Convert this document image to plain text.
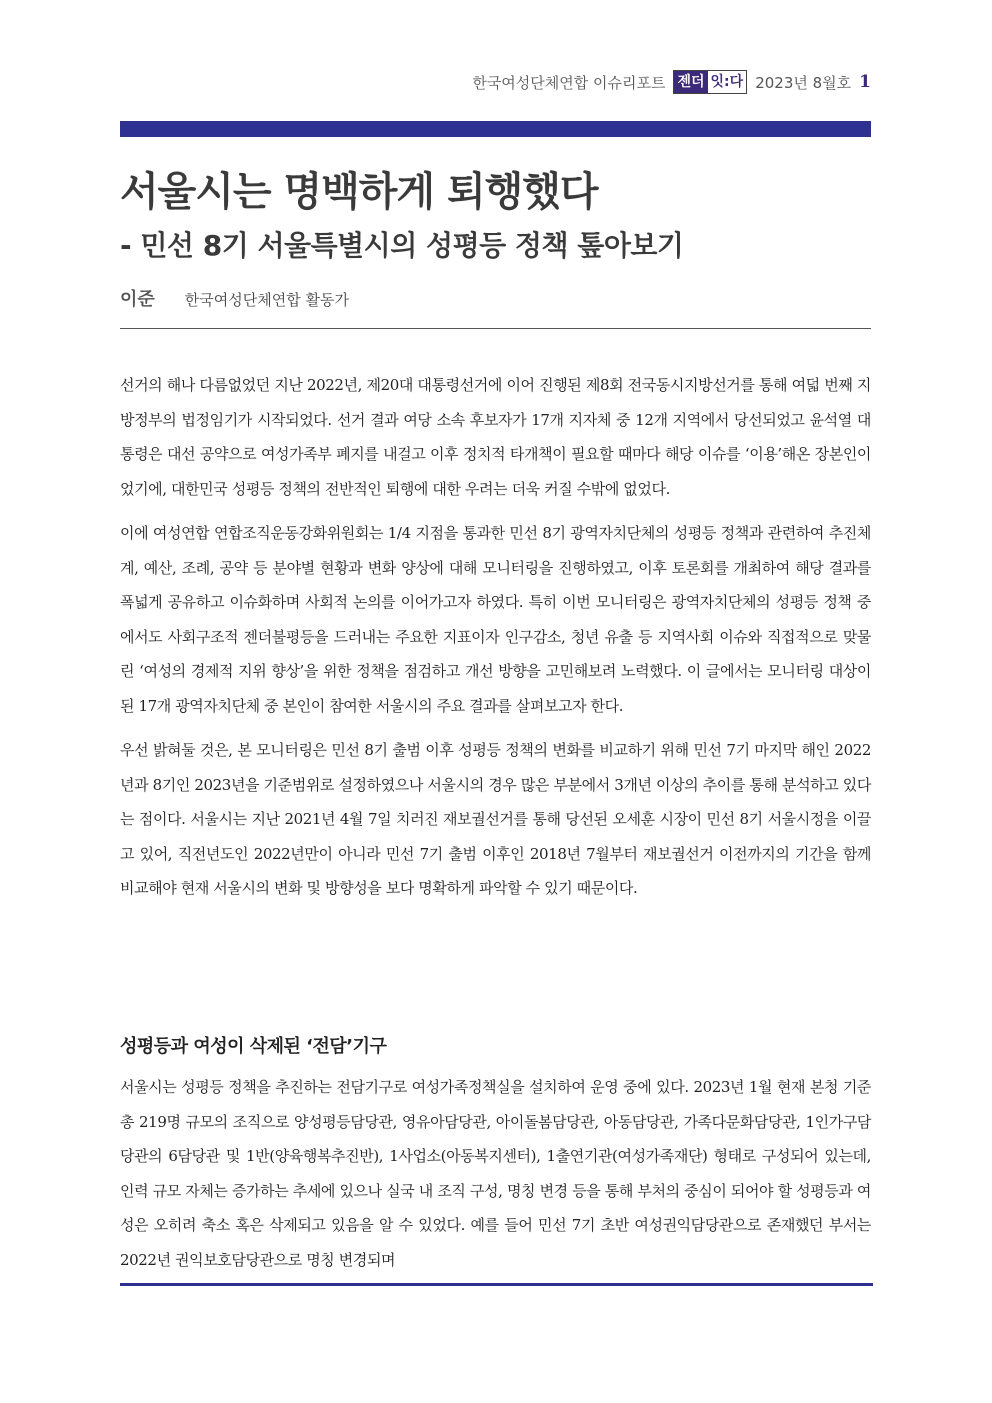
한국여성단체연합 이슈리포트 젠더 잇:다 2023년 8월호 1
서울시는 명백하게 퇴행했다
- 민선 8기 서울특별시의 성평등 정책 톺아보기
이준 한국여성단체연합 활동가

선거의 해나 다름없었던 지난 2022년, 제20대 대통령선거에 이어 진행된 제8회 전국동시지방선거를 통해 여덟 번째 지방정부의 법정임기가 시작되었다. 선거 결과 여당 소속 후보자가 17개 지자체 중 12개 지역에서 당선되었고 윤석열 대통령은 대선 공약으로 여성가족부 폐지를 내걸고 이후 정치적 타개책이 필요할 때마다 해당 이슈를 ‘이용’해온 장본인이었기에, 대한민국 성평등 정책의 전반적인 퇴행에 대한 우려는 더욱 커질 수밖에 없었다.

이에 여성연합 연합조직운동강화위원회는 1/4 지점을 통과한 민선 8기 광역자치단체의 성평등 정책과 관련하여 추진체계, 예산, 조례, 공약 등 분야별 현황과 변화 양상에 대해 모니터링을 진행하였고, 이후 토론회를 개최하여 해당 결과를 폭넓게 공유하고 이슈화하며 사회적 논의를 이어가고자 하였다. 특히 이번 모니터링은 광역자치단체의 성평등 정책 중에서도 사회구조적 젠더불평등을 드러내는 주요한 지표이자 인구감소, 청년 유출 등 지역사회 이슈와 직접적으로 맞물린 ‘여성의 경제적 지위 향상’을 위한 정책을 점검하고 개선 방향을 고민해보려 노력했다. 이 글에서는 모니터링 대상이 된 17개 광역자치단체 중 본인이 참여한 서울시의 주요 결과를 살펴보고자 한다.

우선 밝혀둘 것은, 본 모니터링은 민선 8기 출범 이후 성평등 정책의 변화를 비교하기 위해 민선 7기 마지막 해인 2022년과 8기인 2023년을 기준범위로 설정하였으나 서울시의 경우 많은 부분에서 3개년 이상의 추이를 통해 분석하고 있다는 점이다. 서울시는 지난 2021년 4월 7일 치러진 재보궐선거를 통해 당선된 오세훈 시장이 민선 8기 서울시정을 이끌고 있어, 직전년도인 2022년만이 아니라 민선 7기 출범 이후인 2018년 7월부터 재보궐선거 이전까지의 기간을 함께 비교해야 현재 서울시의 변화 및 방향성을 보다 명확하게 파악할 수 있기 때문이다.

성평등과 여성이 삭제된 ‘전담’기구

서울시는 성평등 정책을 추진하는 전담기구로 여성가족정책실을 설치하여 운영 중에 있다. 2023년 1월 현재 본청 기준 총 219명 규모의 조직으로 양성평등담당관, 영유아담당관, 아이돌봄담당관, 아동담당관, 가족다문화담당관, 1인가구담당관의 6담당관 및 1반(양육행복추진반), 1사업소(아동복지센터), 1출연기관(여성가족재단) 형태로 구성되어 있는데, 인력 규모 자체는 증가하는 추세에 있으나 실국 내 조직 구성, 명칭 변경 등을 통해 부처의 중심이 되어야 할 성평등과 여성은 오히려 축소 혹은 삭제되고 있음을 알 수 있었다. 예를 들어 민선 7기 초반 여성권익담당관으로 존재했던 부서는 2022년 권익보호담당관으로 명칭 변경되며
